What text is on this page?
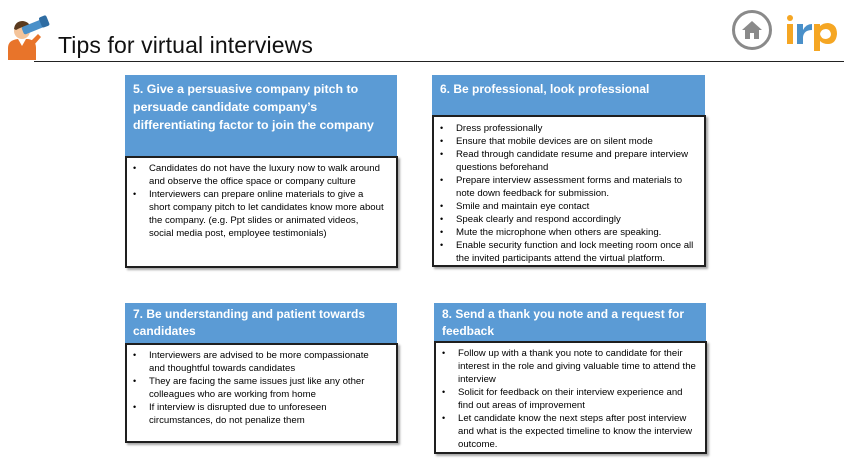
Tips for virtual interviews
5. Give a persuasive company pitch to persuade candidate company’s differentiating factor to join the company
• Candidates do not have the luxury now to walk around and observe the office space or company culture
• Interviewers can prepare online materials to give a short company pitch to let candidates know more about the company. (e.g. Ppt slides or animated videos, social media post, employee testimonials)
6. Be professional, look professional
• Dress professionally
• Ensure that mobile devices are on silent mode
• Read through candidate resume and prepare interview questions beforehand
• Prepare interview assessment forms and materials to note down feedback for submission.
• Smile and maintain eye contact
• Speak clearly and respond accordingly
• Mute the microphone when others are speaking.
• Enable security function and lock meeting room once all the invited participants attend the virtual platform.
7. Be understanding and patient towards candidates
• Interviewers are advised to be more compassionate and thoughtful towards candidates
• They are facing the same issues just like any other colleagues who are working from home
• If interview is disrupted due to unforeseen circumstances, do not penalize them
8. Send a thank you note and a request for feedback
• Follow up with a thank you note to candidate for their interest in the role and giving valuable time to attend the interview
• Solicit for feedback on their interview experience and find out areas of improvement
• Let candidate know the next steps after post interview and what is the expected timeline to know the interview outcome.
